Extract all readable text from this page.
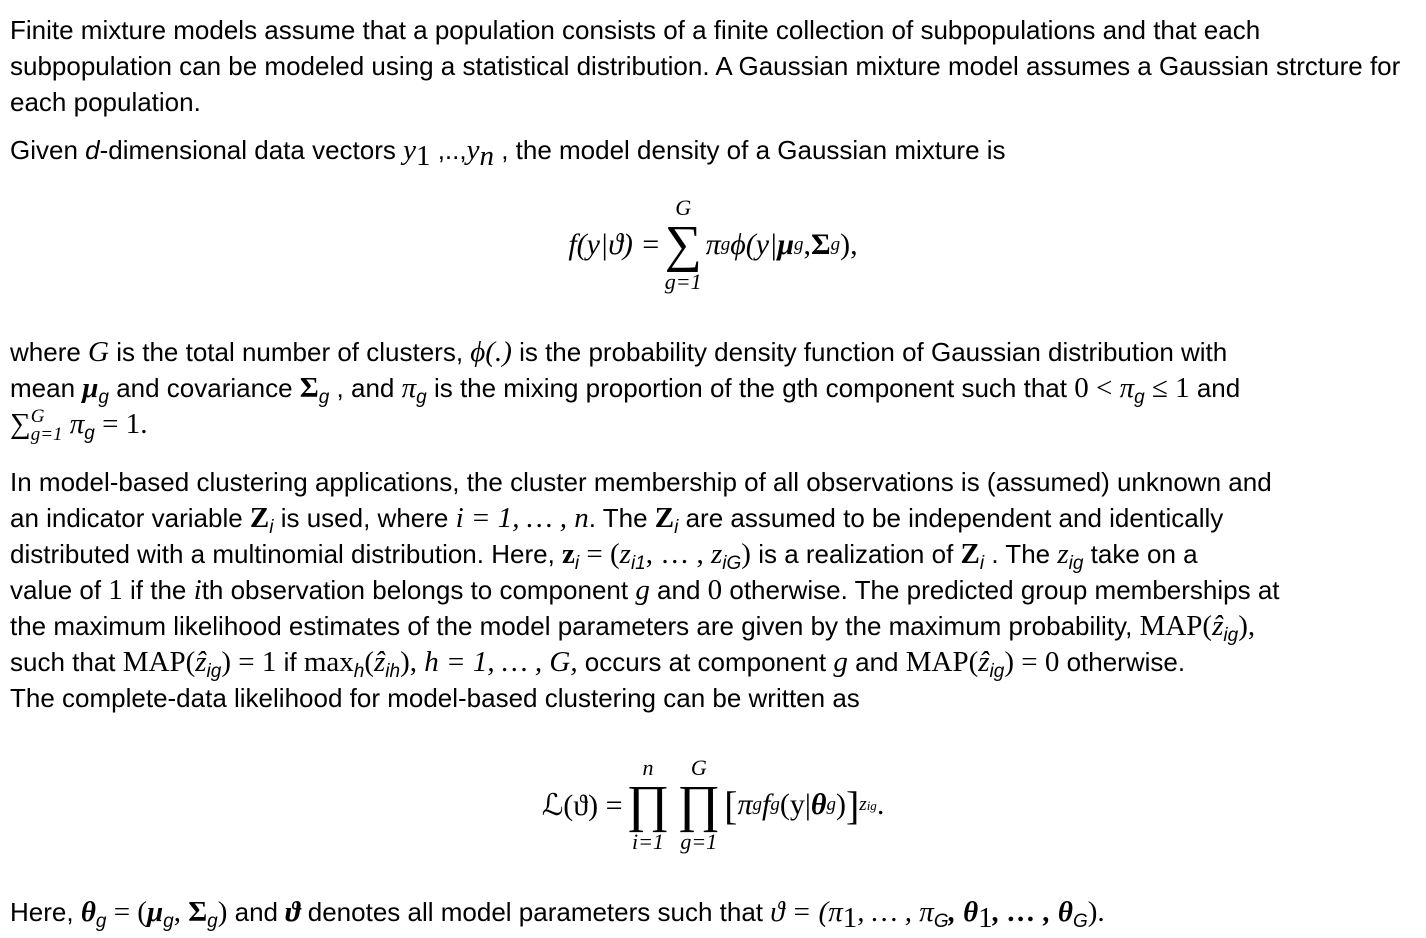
Finite mixture models assume that a population consists of a finite collection of subpopulations and that each subpopulation can be modeled using a statistical distribution. A Gaussian mixture model assumes a Gaussian strcture for each population.

Given d-dimensional data vectors $y_1$ $,..,y_n$ , the model density of a Gaussian mixture is

f(y|ϑ) =
G
∑
g=1
π g ϕ(y| μ g , Σ g ),

where G is the total number of clusters, ϕ(.) is the probability density function of Gaussian distribution with
mean $\mu_g$ and covariance $\Sigma_g$ , and $\pi_g$ is the mixing proportion of the gth component such that $0 < \pi_g \le 1$ and
∑ G
g=1 $\pi_g = 1$.

In model-based clustering applications, the cluster membership of all observations is (assumed) unknown and
an indicator variable $Z_i$ is used, where i = 1, … , n. The $Z_i$ are assumed to be independent and identically
distributed with a multinomial distribution. Here, $z_i = (z_{i1}$, … , $z_{iG}$) is a realization of $Z_i$ . The $z_{ig}$ take on a
value of 1 if the ith observation belongs to component g and 0 otherwise. The predicted group memberships at
the maximum likelihood estimates of the model parameters are given by the maximum probability, MAP(ẑ$_{ig}$),
such that MAP(ẑ$_{ig}$) = 1 if $\max_h(ẑ_{ih})$, h = 1, … , G, occurs at component g and MAP(ẑ$_{ig}$) = 0 otherwise.
The complete-data likelihood for model-based clustering can be written as

ℒ(ϑ) =
n
∏
i=1
G
∏
g=1
[ π g f g (y| θ g ) ] zig .

Here, $\theta_g = (\mu_g$, $\Sigma_g$) and ϑ denotes all model parameters such that $ϑ = (\pi_1$, … , $\pi_G$, $\theta_1$, … , $\theta_G$).
